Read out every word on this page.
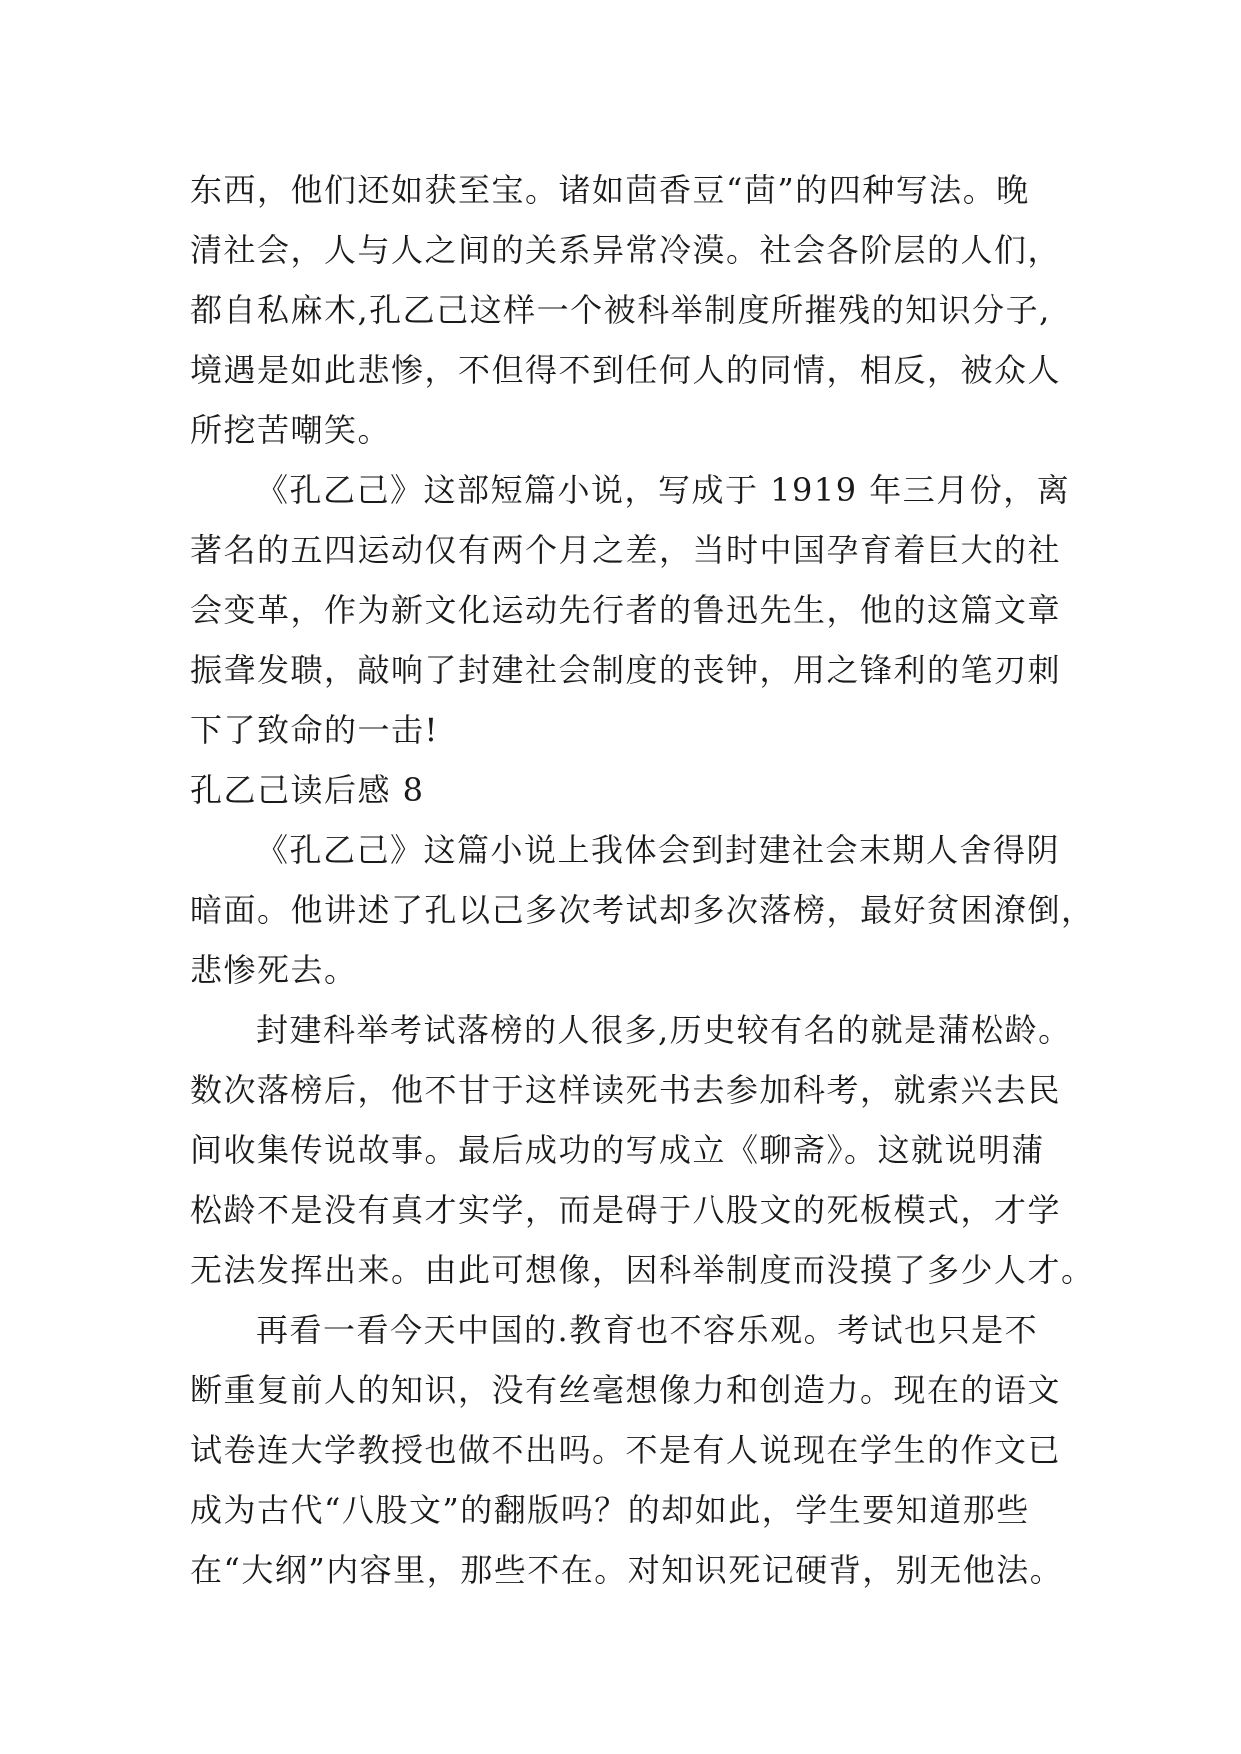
东西，他们还如获至宝。诸如茴香豆“茴”的四种写法。晚
清社会，人与人之间的关系异常冷漠。社会各阶层的人们，
都自私麻木,孔乙己这样一个被科举制度所摧残的知识分子,
境遇是如此悲惨，不但得不到任何人的同情，相反，被众人
所挖苦嘲笑。
《孔乙己》这部短篇小说，写成于 1919 年三月份，离
著名的五四运动仅有两个月之差，当时中国孕育着巨大的社
会变革，作为新文化运动先行者的鲁迅先生，他的这篇文章
振聋发聩，敲响了封建社会制度的丧钟，用之锋利的笔刃刺
下了致命的一击!
孔乙己读后感 8
《孔乙己》这篇小说上我体会到封建社会末期人舍得阴
暗面。他讲述了孔以己多次考试却多次落榜，最好贫困潦倒，
悲惨死去。
封建科举考试落榜的人很多,历史较有名的就是蒲松龄。
数次落榜后，他不甘于这样读死书去参加科考，就索兴去民
间收集传说故事。最后成功的写成立《聊斋》。这就说明蒲
松龄不是没有真才实学，而是碍于八股文的死板模式，才学
无法发挥出来。由此可想像，因科举制度而没摸了多少人才。
再看一看今天中国的.教育也不容乐观。考试也只是不
断重复前人的知识，没有丝毫想像力和创造力。现在的语文
试卷连大学教授也做不出吗。不是有人说现在学生的作文已
成为古代“八股文”的翻版吗？的却如此，学生要知道那些
在“大纲”内容里，那些不在。对知识死记硬背，别无他法。
